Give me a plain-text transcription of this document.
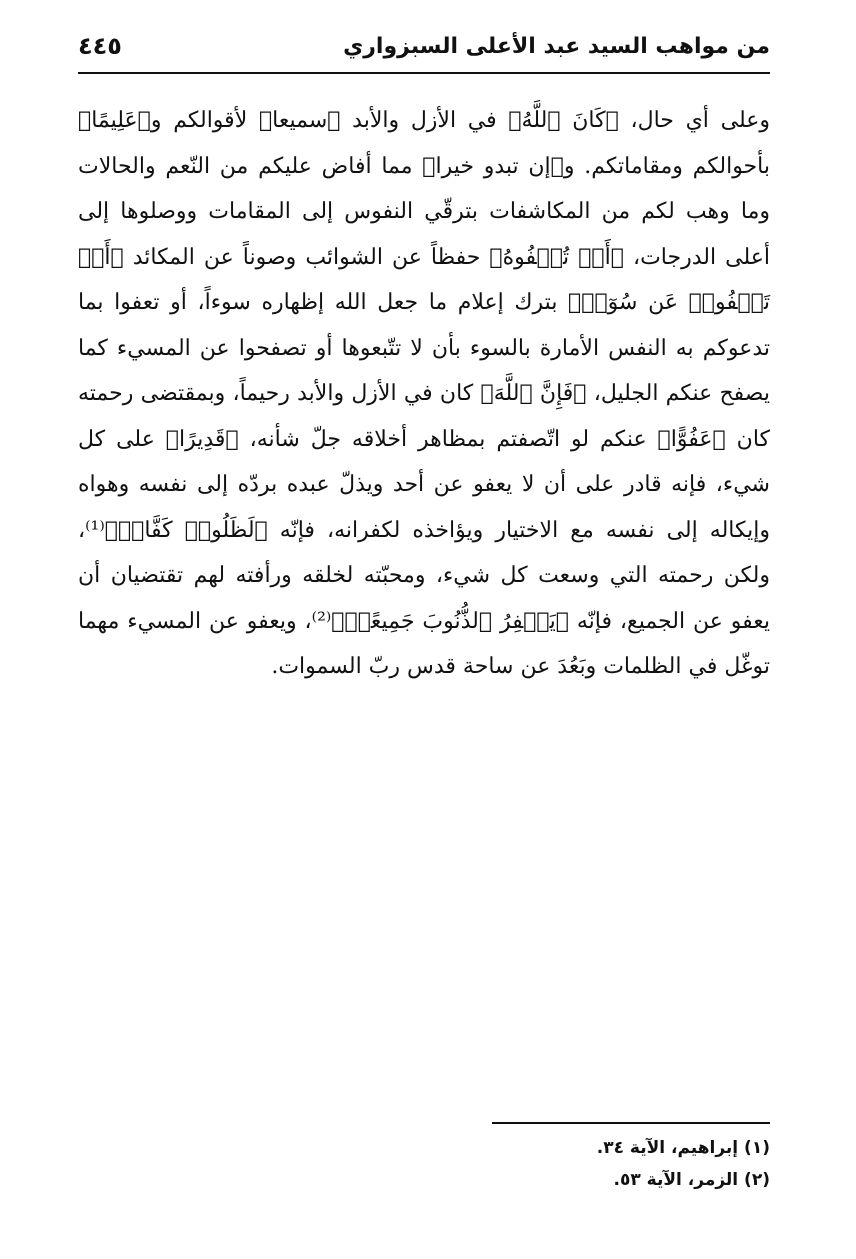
من مواهب السيد عبد الأعلى السبزواري
٤٤٥

وعلى أي حال، ﴿كَانَ ٱللَّهُ﴾ في الأزل والأبد ﴿سميعا﴾ لأقوالكم و﴿عَلِيمًا﴾ بأحوالكم ومقاماتكم. و﴿إن تبدو خيرا﴾ مما أفاض عليكم من النّعم والحالات وما وهب لكم من المكاشفات بترقّي النفوس إلى المقامات ووصلوها إلى أعلى الدرجات، ﴿أَوۡ تُخۡفُوهُ﴾ حفظاً عن الشوائب وصوناً عن المكائد ﴿أَوۡ تَعۡفُوا۟ عَن سُوٓءٖ﴾ بترك إعلام ما جعل الله إظهاره سوءاً، أو تعفوا بما تدعوكم به النفس الأمارة بالسوء بأن لا تتّبعوها أو تصفحوا عن المسيء كما يصفح عنكم الجليل، ﴿فَإِنَّ ٱللَّهَ﴾ كان في الأزل والأبد رحيماً، وبمقتضى رحمته كان ﴿عَفُوًّا﴾ عنكم لو اتّصفتم بمظاهر أخلاقه جلّ شأنه، ﴿قَدِيرًا﴾ على كل شيء، فإنه قادر على أن لا يعفو عن أحد ويذلّ عبده بردّه إلى نفسه وهواه وإيكاله إلى نفسه مع الاختيار ويؤاخذه لكفرانه، فإنّه ﴿لَظَلُومٞ كَفَّارٞ﴾⁽¹⁾، ولكن رحمته التي وسعت كل شيء، ومحبّته لخلقه ورأفته لهم تقتضيان أن يعفو عن الجميع، فإنّه ﴿يَغۡفِرُ ٱلذُّنُوبَ جَمِيعًاۚ﴾⁽²⁾، ويعفو عن المسيء مهما توغّل في الظلمات وبَعُدَ عن ساحة قدس ربّ السموات.

(١) إبراهيم، الآية ٣٤.
(٢) الزمر، الآية ٥٣.
